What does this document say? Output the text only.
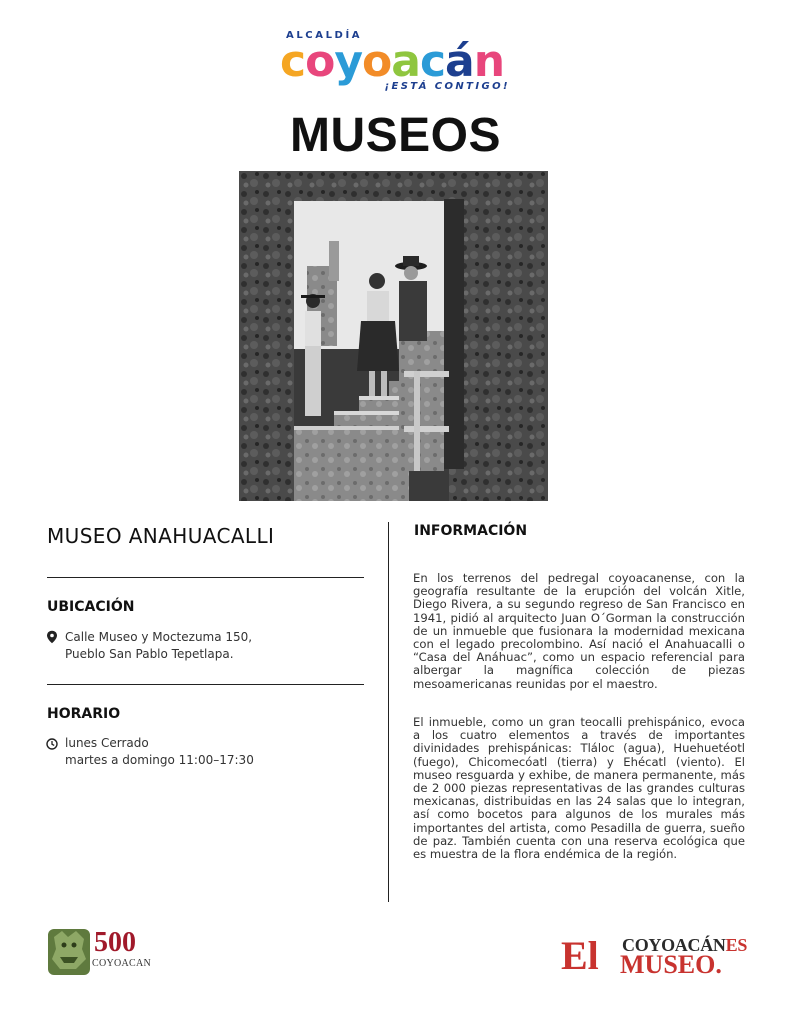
ALCALDÍA
coyoacán
¡ESTÁ CONTIGO!
MUSEOS
MUSEO ANAHUACALLI
UBICACIÓN
Calle Museo y Moctezuma 150,
Pueblo San Pablo Tepetlapa.
HORARIO
lunes Cerrado
martes a domingo 11:00–17:30
INFORMACIÓN

En los terrenos del pedregal coyoacanense, con la geografía resultante de la erupción del volcán Xitle, Diego Rivera, a su segundo regreso de San Francisco en 1941, pidió al arquitecto Juan O´Gorman la construcción de un inmueble que fusionara la modernidad mexicana con el legado precolombino. Así nació el Anahuacalli o “Casa del Anáhuac”, como un espacio referencial para albergar la magnífica colección de piezas mesoamericanas reunidas por el maestro.

El inmueble, como un gran teocalli prehispánico, evoca a los cuatro elementos a través de importantes divinidades prehispánicas: Tláloc (agua), Huehuetéotl (fuego), Chicomecóatl (tierra) y Ehécatl (viento). El museo resguarda y exhibe, de manera permanente, más de 2 000 piezas representativas de las grandes culturas mexicanas, distribuidas en las 24 salas que lo integran, así como bocetos para algunos de los murales más importantes del artista, como Pesadilla de guerra, sueño de paz. También cuenta con una reserva ecológica que es muestra de la flora endémica de la región.

500
COYOACAN	El COYOACÁNES
MUSEO.
